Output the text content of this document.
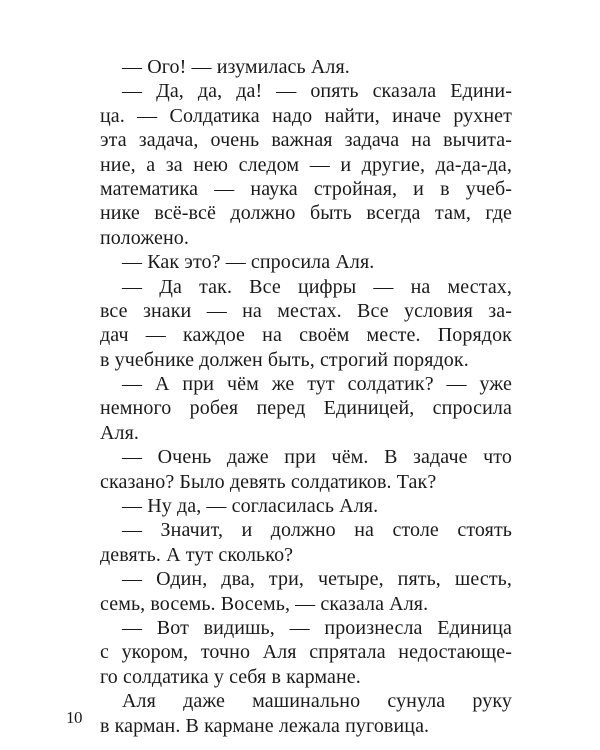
— Ого! — изумилась Аля.
— Да, да, да! — опять сказала Едини-
ца. — Солдатика надо найти, иначе рухнет
эта задача, очень важная задача на вычита-
ние, а за нею следом — и другие, да-да-да,
математика — наука стройная, и в учеб-
нике всё-всё должно быть всегда там, где
положено.
— Как это? — спросила Аля.
— Да так. Все цифры — на местах,
все знаки — на местах. Все условия за-
дач — каждое на своём месте. Порядок
в учебнике должен быть, строгий порядок.
— А при чём же тут солдатик? — уже
немного робея перед Единицей, спросила
Аля.
— Очень даже при чём. В задаче что
сказано? Было девять солдатиков. Так?
— Ну да, — согласилась Аля.
— Значит, и должно на столе стоять
девять. А тут сколько?
— Один, два, три, четыре, пять, шесть,
семь, восемь. Восемь, — сказала Аля.
— Вот видишь, — произнесла Единица
с укором, точно Аля спрятала недостающе-
го солдатика у себя в кармане.
Аля даже машинально сунула руку
в карман. В кармане лежала пуговица.
10
